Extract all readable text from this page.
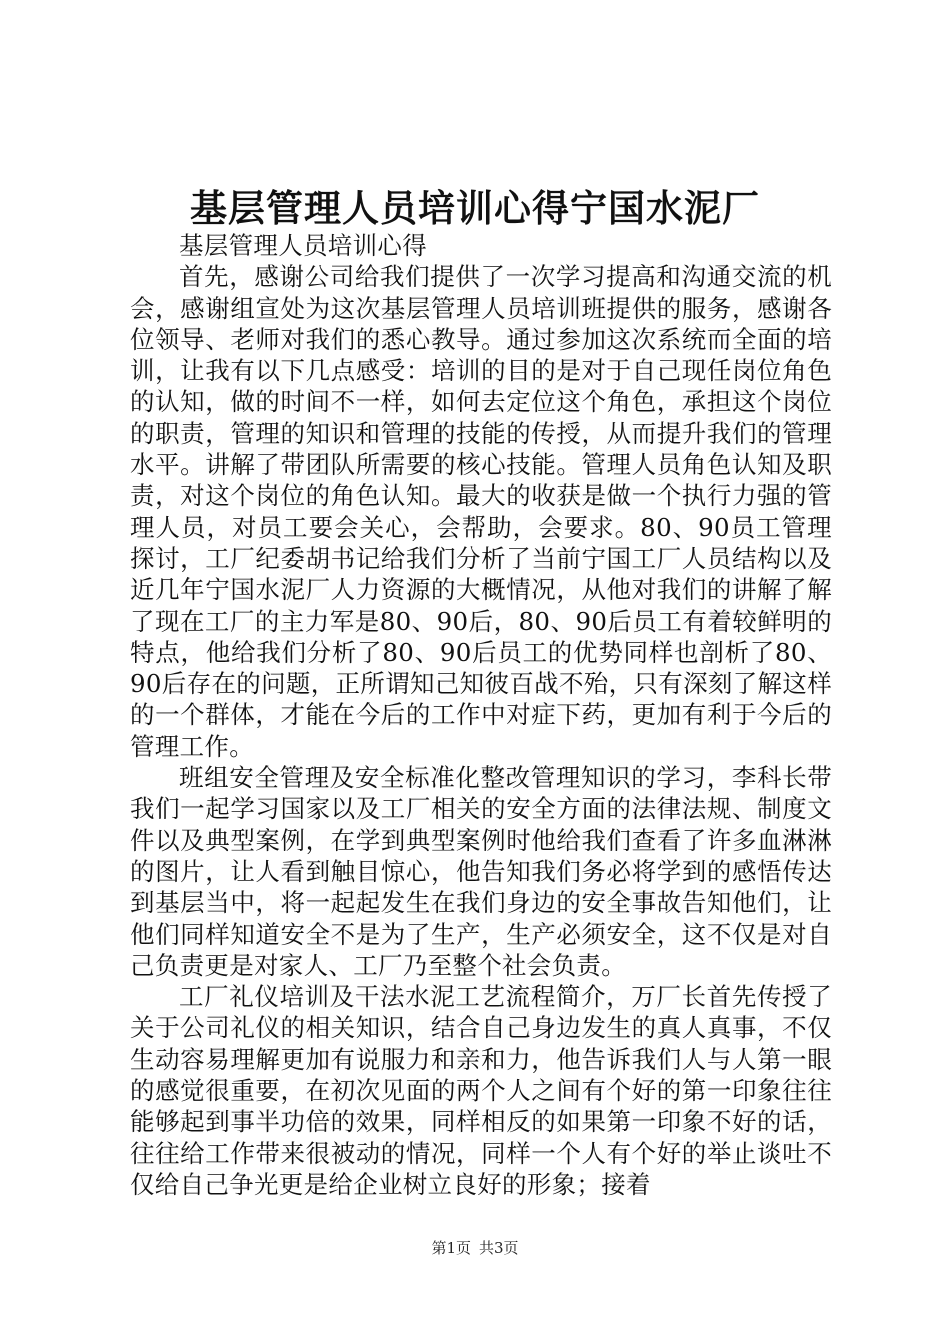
基层管理人员培训心得宁国水泥厂

基层管理人员培训心得

首先，感谢公司给我们提供了一次学习提高和沟通交流的机会，感谢组宣处为这次基层管理人员培训班提供的服务，感谢各位领导、老师对我们的悉心教导。通过参加这次系统而全面的培训，让我有以下几点感受：培训的目的是对于自己现任岗位角色的认知，做的时间不一样，如何去定位这个角色，承担这个岗位的职责，管理的知识和管理的技能的传授，从而提升我们的管理水平。讲解了带团队所需要的核心技能。管理人员角色认知及职责，对这个岗位的角色认知。最大的收获是做一个执行力强的管理人员，对员工要会关心，会帮助，会要求。80、90员工管理探讨，工厂纪委胡书记给我们分析了当前宁国工厂人员结构以及近几年宁国水泥厂人力资源的大概情况，从他对我们的讲解了解了现在工厂的主力军是80、90后，80、90后员工有着较鲜明的特点，他给我们分析了80、90后员工的优势同样也剖析了80、90后存在的问题，正所谓知己知彼百战不殆，只有深刻了解这样的一个群体，才能在今后的工作中对症下药，更加有利于今后的管理工作。

班组安全管理及安全标准化整改管理知识的学习，李科长带我们一起学习国家以及工厂相关的安全方面的法律法规、制度文件以及典型案例，在学到典型案例时他给我们查看了许多血淋淋的图片，让人看到触目惊心，他告知我们务必将学到的感悟传达到基层当中，将一起起发生在我们身边的安全事故告知他们，让他们同样知道安全不是为了生产，生产必须安全，这不仅是对自己负责更是对家人、工厂乃至整个社会负责。

工厂礼仪培训及干法水泥工艺流程简介，万厂长首先传授了关于公司礼仪的相关知识，结合自己身边发生的真人真事，不仅生动容易理解更加有说服力和亲和力，他告诉我们人与人第一眼的感觉很重要，在初次见面的两个人之间有个好的第一印象往往能够起到事半功倍的效果，同样相反的如果第一印象不好的话，往往给工作带来很被动的情况，同样一个人有个好的举止谈吐不仅给自己争光更是给企业树立良好的形象；接着

第1页 共3页
